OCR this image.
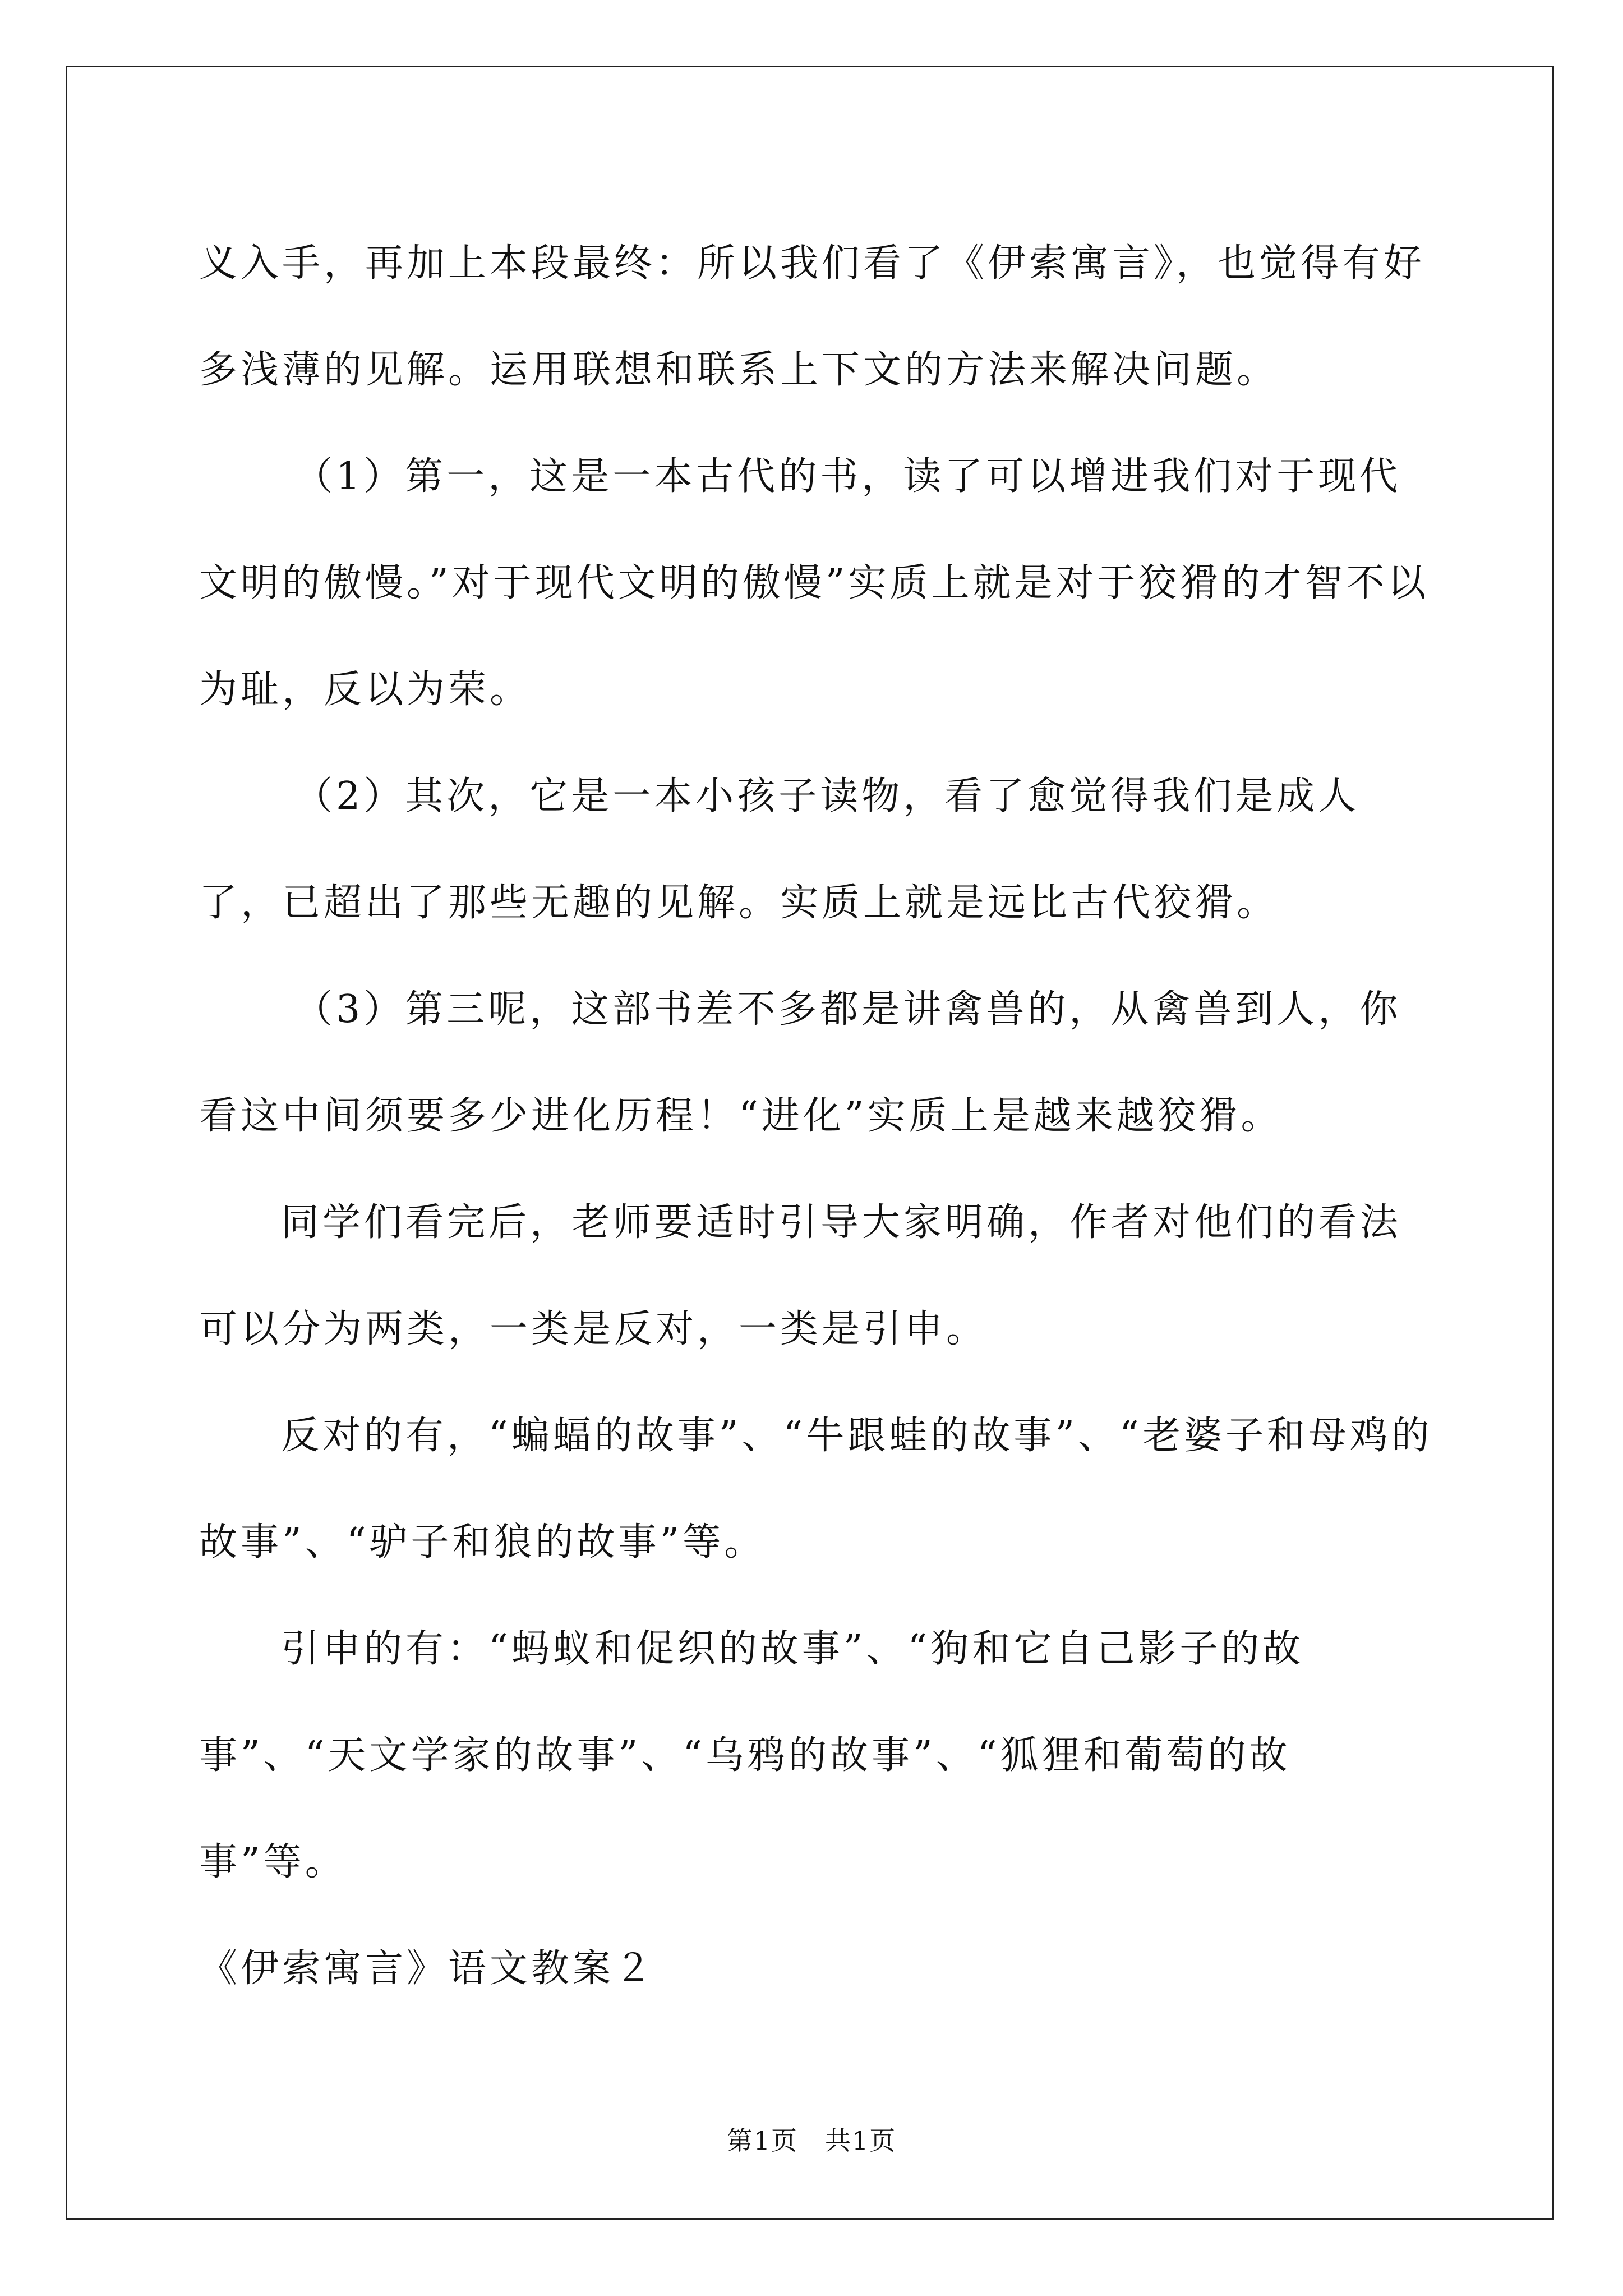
义入手，再加上本段最终：所以我们看了《伊索寓言》，也觉得有好多浅薄的见解。运用联想和联系上下文的方法来解决问题。

（1）第一，这是一本古代的书，读了可以增进我们对于现代文明的傲慢。”对于现代文明的傲慢”实质上就是对于狡猾的才智不以为耻，反以为荣。

（2）其次，它是一本小孩子读物，看了愈觉得我们是成人了，已超出了那些无趣的见解。实质上就是远比古代狡猾。

（3）第三呢，这部书差不多都是讲禽兽的，从禽兽到人，你看这中间须要多少进化历程！“进化”实质上是越来越狡猾。

同学们看完后，老师要适时引导大家明确，作者对他们的看法可以分为两类，一类是反对，一类是引申。

反对的有，“蝙蝠的故事”、“牛跟蛙的故事”、“老婆子和母鸡的故事”、“驴子和狼的故事”等。

引申的有：“蚂蚁和促织的故事”、“狗和它自己影子的故事”、“天文学家的故事”、“乌鸦的故事”、“狐狸和葡萄的故事”等。

《伊索寓言》语文教案２

第1页　共1页
